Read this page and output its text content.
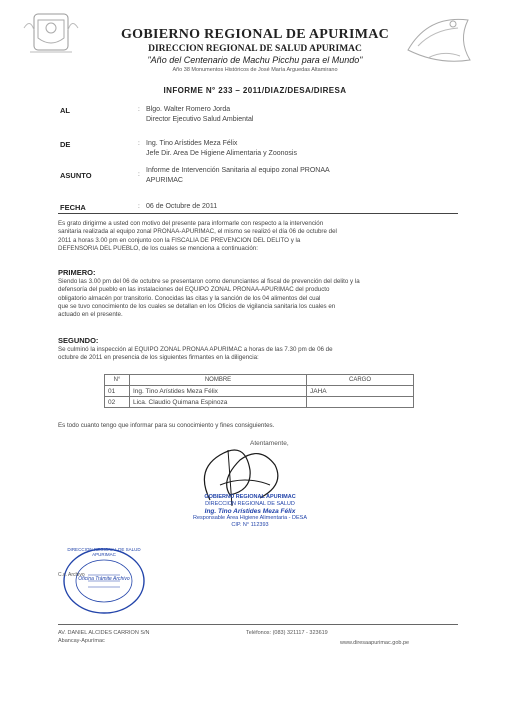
GOBIERNO REGIONAL DE APURIMAC
DIRECCION REGIONAL DE SALUD APURIMAC
"Año del Centenario de Machu Picchu para el Mundo"
Año 38 Monumentos Históricos de José María Arguedas Altamirano
INFORME N° 233 – 2011/DIAZ/DESA/DIRESA
AL	: Blgo. Walter Romero Jorda
Director Ejecutivo Salud Ambiental
DE	: Ing. Tino Arístides Meza Félix
Jefe Dir. Area De Higiene Alimentaria y Zoonosis
ASUNTO	:
Informe de Intervención Sanitaria al equipo zonal PRONAA
APURIMAC
FECHA	: 06 de Octubre de 2011
Es grato dirigirme a usted con motivo del presente para informarle con respecto a la intervención
sanitaria realizada al equipo zonal PRONAA-APURIMAC, el mismo se realizó el día 06 de octubre del
2011 a horas 3.00 pm en conjunto con la FISCALIA DE PREVENCION DEL DELITO y la
DEFENSORIA DEL PUEBLO, de los cuales se menciona a continuación:
PRIMERO:
Siendo las 3.00 pm del 06 de octubre se presentaron como denunciantes al fiscal de prevención del delito y la
defensoría del pueblo en las instalaciones del EQUIPO ZONAL PRONAA-APURIMAC del producto
obligatorio almacén por transitorio. Conocidas las citas y la sanción de los 04 alimentos del cual
que se tuvo conocimiento de los cuales se detallan en los Oficios de vigilancia sanitaria los cuales en
actuado en el presente.
SEGUNDO:
Se culminó la inspección al EQUIPO ZONAL PRONAA APURIMAC a horas de las 7.30 pm de 06 de
octubre de 2011 en presencia de los siguientes firmantes en la diligencia:
N°	NOMBRE	CARGO
01	Ing. Tino Arístides Meza Félix	JAHA
02	Lica. Claudio Quimana Espinoza	
Es todo cuanto tengo que informar para su conocimiento y fines consiguientes.
Atentamente,
GOBIERNO REGIONAL APURIMAC
DIRECCION REGIONAL DE SALUD
Ing. Tino Arístides Meza Félix
Responsable Área Higiene Alimentaria - DESA
CIP. N° 112393
DIRECCION REGIONAL DE SALUD APURIMAC
Oficina Trámite Archivo
C.c. Archivo
AV. DANIEL ALCIDES CARRION S/N
Abancay-Apurímac
Teléfonos: (083) 321117 - 323619
www.diresaapurimac.gob.pe
